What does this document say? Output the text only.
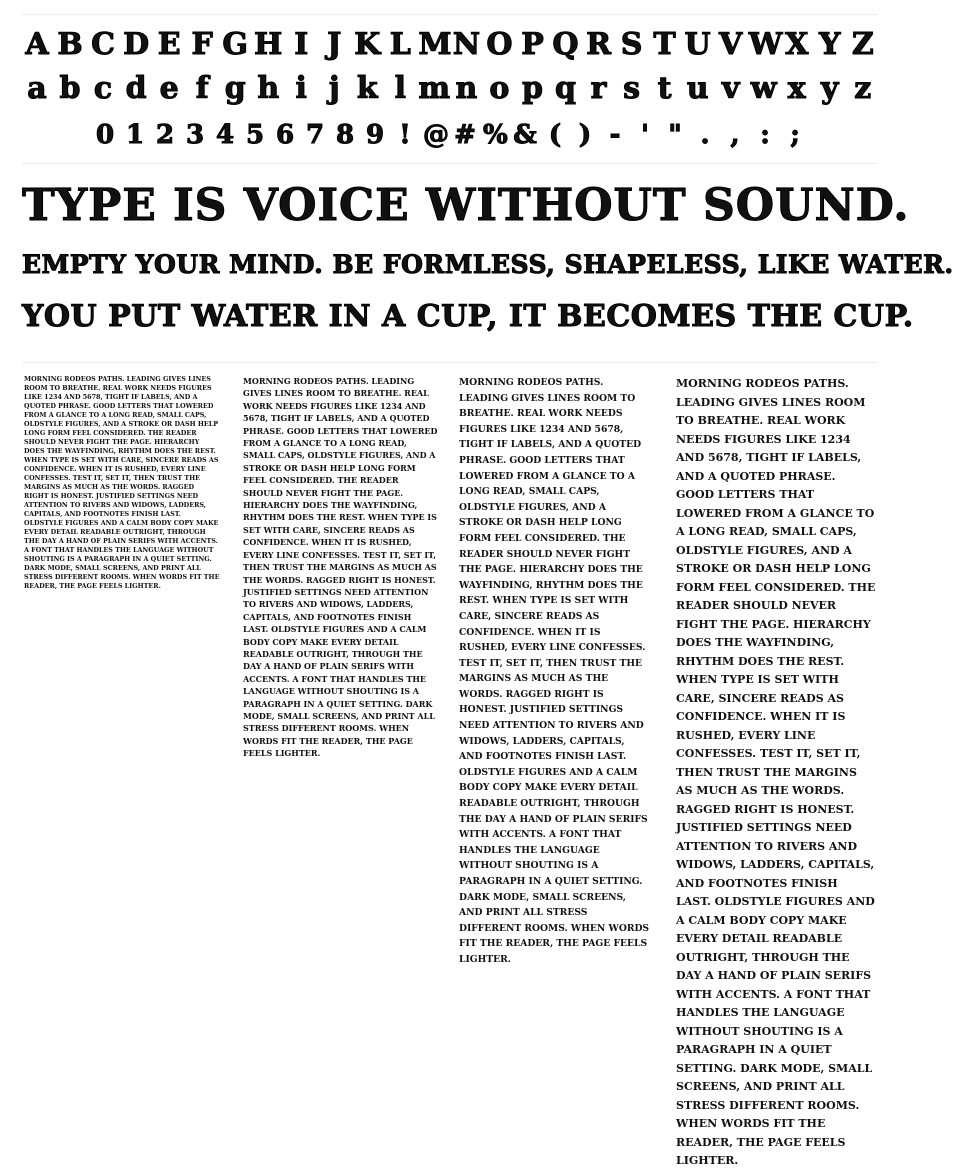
A B C D E F G H I J K L M N O P Q R S T U V W X Y Z
a b c d e f g h i j k l m n o p q r s t u v w x y z
0 1 2 3 4 5 6 7 8 9 ! @ # % & ( ) - ' " . , : ;
TYPE IS VOICE WITHOUT SOUND.
EMPTY YOUR MIND. BE FORMLESS, SHAPELESS, LIKE WATER.
YOU PUT WATER IN A CUP, IT BECOMES THE CUP.
MORNING RODEOS PATHS. LEADING GIVES LINES ROOM TO BREATHE. REAL WORK NEEDS FIGURES LIKE 1234 AND 5678, TIGHT IF LABELS, AND A QUOTED PHRASE. GOOD LETTERS THAT LOWERED FROM A GLANCE TO A LONG READ, SMALL CAPS, OLDSTYLE FIGURES, AND A STROKE OR DASH HELP LONG FORM FEEL CONSIDERED. THE READER SHOULD NEVER FIGHT THE PAGE. HIERARCHY DOES THE WAYFINDING, RHYTHM DOES THE REST. WHEN TYPE IS SET WITH CARE, SINCERE READS AS CONFIDENCE. WHEN IT IS RUSHED, EVERY LINE CONFESSES. TEST IT, SET IT, THEN TRUST THE MARGINS AS MUCH AS THE WORDS. RAGGED RIGHT IS HONEST. JUSTIFIED SETTINGS NEED ATTENTION TO RIVERS AND WIDOWS, LADDERS, CAPITALS, AND FOOTNOTES FINISH LAST. OLDSTYLE FIGURES AND A CALM BODY COPY MAKE EVERY DETAIL READABLE OUTRIGHT, THROUGH THE DAY A HAND OF PLAIN SERIFS WITH ACCENTS. A FONT THAT HANDLES THE LANGUAGE WITHOUT SHOUTING IS A PARAGRAPH IN A QUIET SETTING. DARK MODE, SMALL SCREENS, AND PRINT ALL STRESS DIFFERENT ROOMS. WHEN WORDS FIT THE READER, THE PAGE FEELS LIGHTER.
MORNING RODEOS PATHS. LEADING GIVES LINES ROOM TO BREATHE. REAL WORK NEEDS FIGURES LIKE 1234 AND 5678, TIGHT IF LABELS, AND A QUOTED PHRASE. GOOD LETTERS THAT LOWERED FROM A GLANCE TO A LONG READ, SMALL CAPS, OLDSTYLE FIGURES, AND A STROKE OR DASH HELP LONG FORM FEEL CONSIDERED. THE READER SHOULD NEVER FIGHT THE PAGE. HIERARCHY DOES THE WAYFINDING, RHYTHM DOES THE REST. WHEN TYPE IS SET WITH CARE, SINCERE READS AS CONFIDENCE. WHEN IT IS RUSHED, EVERY LINE CONFESSES. TEST IT, SET IT, THEN TRUST THE MARGINS AS MUCH AS THE WORDS. RAGGED RIGHT IS HONEST. JUSTIFIED SETTINGS NEED ATTENTION TO RIVERS AND WIDOWS, LADDERS, CAPITALS, AND FOOTNOTES FINISH LAST. OLDSTYLE FIGURES AND A CALM BODY COPY MAKE EVERY DETAIL READABLE OUTRIGHT, THROUGH THE DAY A HAND OF PLAIN SERIFS WITH ACCENTS. A FONT THAT HANDLES THE LANGUAGE WITHOUT SHOUTING IS A PARAGRAPH IN A QUIET SETTING. DARK MODE, SMALL SCREENS, AND PRINT ALL STRESS DIFFERENT ROOMS. WHEN WORDS FIT THE READER, THE PAGE FEELS LIGHTER.
MORNING RODEOS PATHS. LEADING GIVES LINES ROOM TO BREATHE. REAL WORK NEEDS FIGURES LIKE 1234 AND 5678, TIGHT IF LABELS, AND A QUOTED PHRASE. GOOD LETTERS THAT LOWERED FROM A GLANCE TO A LONG READ, SMALL CAPS, OLDSTYLE FIGURES, AND A STROKE OR DASH HELP LONG FORM FEEL CONSIDERED. THE READER SHOULD NEVER FIGHT THE PAGE. HIERARCHY DOES THE WAYFINDING, RHYTHM DOES THE REST. WHEN TYPE IS SET WITH CARE, SINCERE READS AS CONFIDENCE. WHEN IT IS RUSHED, EVERY LINE CONFESSES. TEST IT, SET IT, THEN TRUST THE MARGINS AS MUCH AS THE WORDS. RAGGED RIGHT IS HONEST. JUSTIFIED SETTINGS NEED ATTENTION TO RIVERS AND WIDOWS, LADDERS, CAPITALS, AND FOOTNOTES FINISH LAST. OLDSTYLE FIGURES AND A CALM BODY COPY MAKE EVERY DETAIL READABLE OUTRIGHT, THROUGH THE DAY A HAND OF PLAIN SERIFS WITH ACCENTS. A FONT THAT HANDLES THE LANGUAGE WITHOUT SHOUTING IS A PARAGRAPH IN A QUIET SETTING. DARK MODE, SMALL SCREENS, AND PRINT ALL STRESS DIFFERENT ROOMS. WHEN WORDS FIT THE READER, THE PAGE FEELS LIGHTER.
MORNING RODEOS PATHS. LEADING GIVES LINES ROOM TO BREATHE. REAL WORK NEEDS FIGURES LIKE 1234 AND 5678, TIGHT IF LABELS, AND A QUOTED PHRASE. GOOD LETTERS THAT LOWERED FROM A GLANCE TO A LONG READ, SMALL CAPS, OLDSTYLE FIGURES, AND A STROKE OR DASH HELP LONG FORM FEEL CONSIDERED. THE READER SHOULD NEVER FIGHT THE PAGE. HIERARCHY DOES THE WAYFINDING, RHYTHM DOES THE REST. WHEN TYPE IS SET WITH CARE, SINCERE READS AS CONFIDENCE. WHEN IT IS RUSHED, EVERY LINE CONFESSES. TEST IT, SET IT, THEN TRUST THE MARGINS AS MUCH AS THE WORDS. RAGGED RIGHT IS HONEST. JUSTIFIED SETTINGS NEED ATTENTION TO RIVERS AND WIDOWS, LADDERS, CAPITALS, AND FOOTNOTES FINISH LAST. OLDSTYLE FIGURES AND A CALM BODY COPY MAKE EVERY DETAIL READABLE OUTRIGHT, THROUGH THE DAY A HAND OF PLAIN SERIFS WITH ACCENTS. A FONT THAT HANDLES THE LANGUAGE WITHOUT SHOUTING IS A PARAGRAPH IN A QUIET SETTING. DARK MODE, SMALL SCREENS, AND PRINT ALL STRESS DIFFERENT ROOMS. WHEN WORDS FIT THE READER, THE PAGE FEELS LIGHTER.
